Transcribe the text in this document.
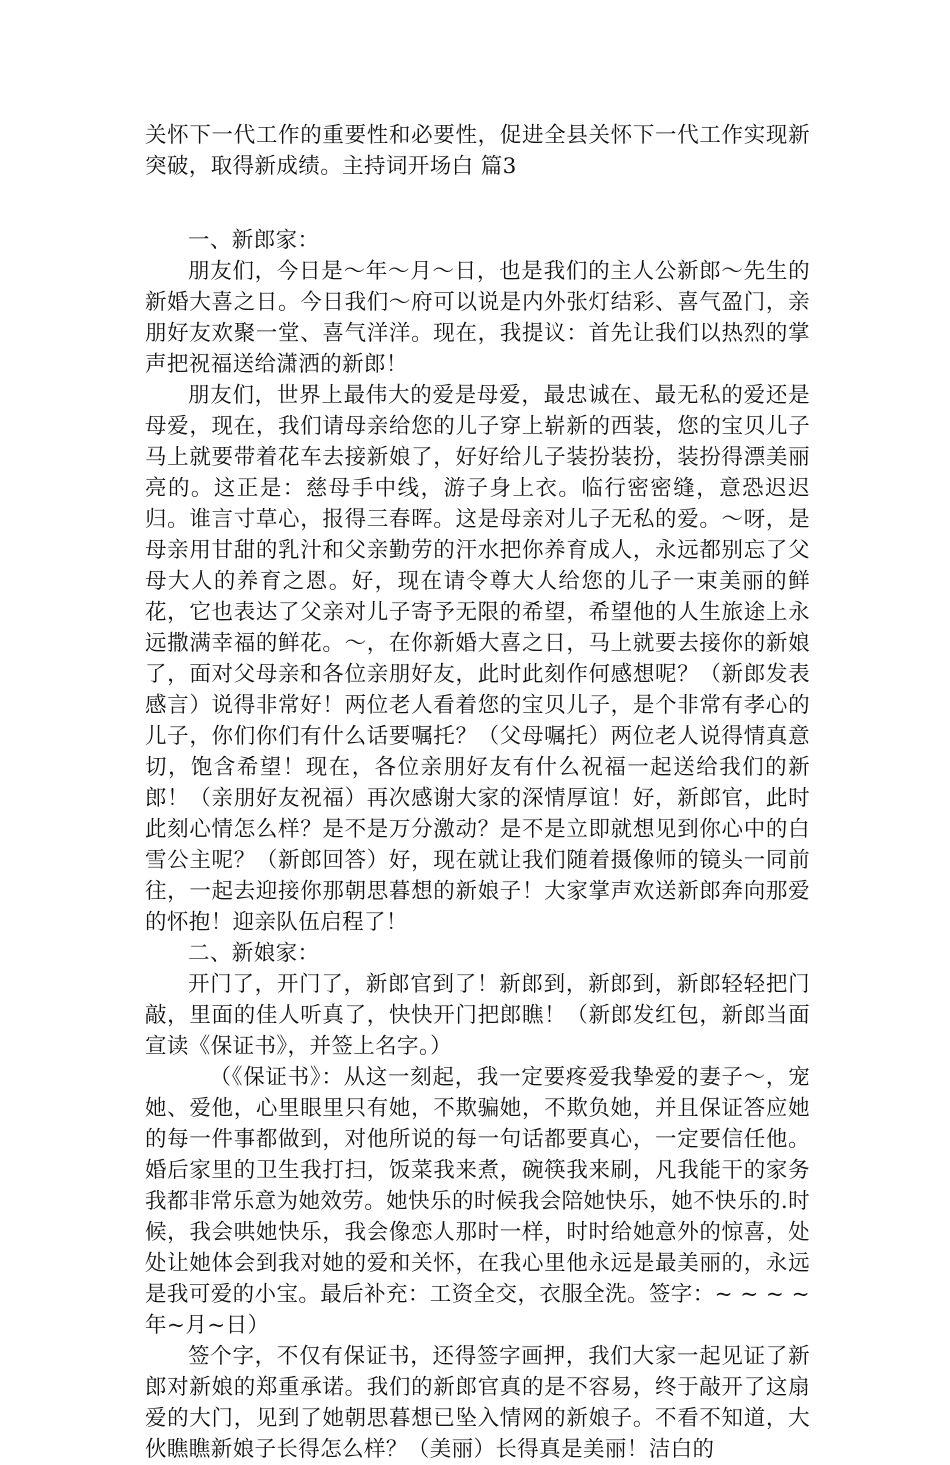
关怀下一代工作的重要性和必要性，促进全县关怀下一代工作实现新突破，取得新成绩。主持词开场白 篇3

一、新郎家：

朋友们，今日是～年～月～日，也是我们的主人公新郎～先生的新婚大喜之日。今日我们～府可以说是内外张灯结彩、喜气盈门，亲朋好友欢聚一堂、喜气洋洋。现在，我提议：首先让我们以热烈的掌声把祝福送给潇洒的新郎！

朋友们，世界上最伟大的爱是母爱，最忠诚在、最无私的爱还是母爱，现在，我们请母亲给您的儿子穿上崭新的西装，您的宝贝儿子马上就要带着花车去接新娘了，好好给儿子装扮装扮，装扮得漂美丽亮的。这正是：慈母手中线，游子身上衣。临行密密缝，意恐迟迟归。谁言寸草心，报得三春晖。这是母亲对儿子无私的爱。～呀，是母亲用甘甜的乳汁和父亲勤劳的汗水把你养育成人，永远都别忘了父母大人的养育之恩。好，现在请令尊大人给您的儿子一束美丽的鲜花，它也表达了父亲对儿子寄予无限的希望，希望他的人生旅途上永远撒满幸福的鲜花。～，在你新婚大喜之日，马上就要去接你的新娘了，面对父母亲和各位亲朋好友，此时此刻作何感想呢？（新郎发表感言）说得非常好！两位老人看着您的宝贝儿子，是个非常有孝心的儿子，你们你们有什么话要嘱托？（父母嘱托）两位老人说得情真意切，饱含希望！现在，各位亲朋好友有什么祝福一起送给我们的新郎！（亲朋好友祝福）再次感谢大家的深情厚谊！好，新郎官，此时此刻心情怎么样？是不是万分激动？是不是立即就想见到你心中的白雪公主呢？（新郎回答）好，现在就让我们随着摄像师的镜头一同前往，一起去迎接你那朝思暮想的新娘子！大家掌声欢送新郎奔向那爱的怀抱！迎亲队伍启程了！

二、新娘家：

开门了，开门了，新郎官到了！新郎到，新郎到，新郎轻轻把门敲，里面的佳人听真了，快快开门把郎瞧！（新郎发红包，新郎当面宣读《保证书》，并签上名字。）

（《保证书》：从这一刻起，我一定要疼爱我挚爱的妻子～，宠她、爱他，心里眼里只有她，不欺骗她，不欺负她，并且保证答应她的每一件事都做到，对他所说的每一句话都要真心，一定要信任他。婚后家里的卫生我打扫，饭菜我来煮，碗筷我来刷，凡我能干的家务我都非常乐意为她效劳。她快乐的时候我会陪她快乐，她不快乐的.时候，我会哄她快乐，我会像恋人那时一样，时时给她意外的惊喜，处处让她体会到我对她的爱和关怀，在我心里他永远是最美丽的，永远是我可爱的小宝。最后补充：工资全交，衣服全洗。签字：~ ~ ~ ~年~月~日）

签个字，不仅有保证书，还得签字画押，我们大家一起见证了新郎对新娘的郑重承诺。我们的新郎官真的是不容易，终于敲开了这扇爱的大门，见到了她朝思暮想已坠入情网的新娘子。不看不知道，大伙瞧瞧新娘子长得怎么样？（美丽）长得真是美丽！洁白的
